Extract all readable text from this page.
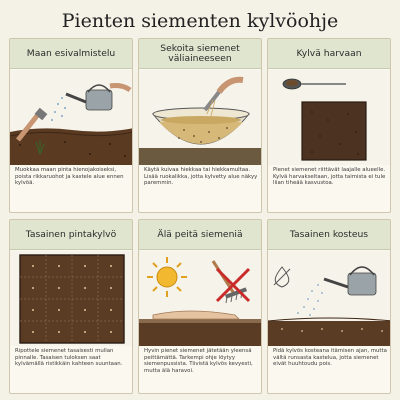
Pienten siementen kylvöohje
Maan esivalmistelu
Muokkaa maan pinta hienojakoiseksi, poista rikkaruohot ja kastele alue ennen kylvöä.
Sekoita siemenet väliaineeseen
Käytä kuivaa hiekkaa tai hiekkamultaa. Lisää ruokalikka, jotta kylvetty alue näkyy paremmin.
Kylvä harvaan
Pienet siemenet riittävät laajalle alueelle. Kylvä harvakseltaan, jotta taimista ei tule liian tiheää kasvustoa.
Tasainen pintakylvö
Ripottele siemenet tasaisesti mullan pinnalle. Tasaisen tuloksen saat kylvämällä ristikkäin kahteen suuntaan.
Älä peitä siemeniä
Hyvin pienet siemenet jätetään yleensä peittämättä. Tarkempi ohje löytyy siemenpussista. Tiivistä kylvös kevyesti, mutta älä haravoi.
Tasainen kosteus
Pidä kylvös kosteana itämisen ajan, mutta vältä runsasta kastelua, jotta siemenet eivät huuhtoudu pois.
